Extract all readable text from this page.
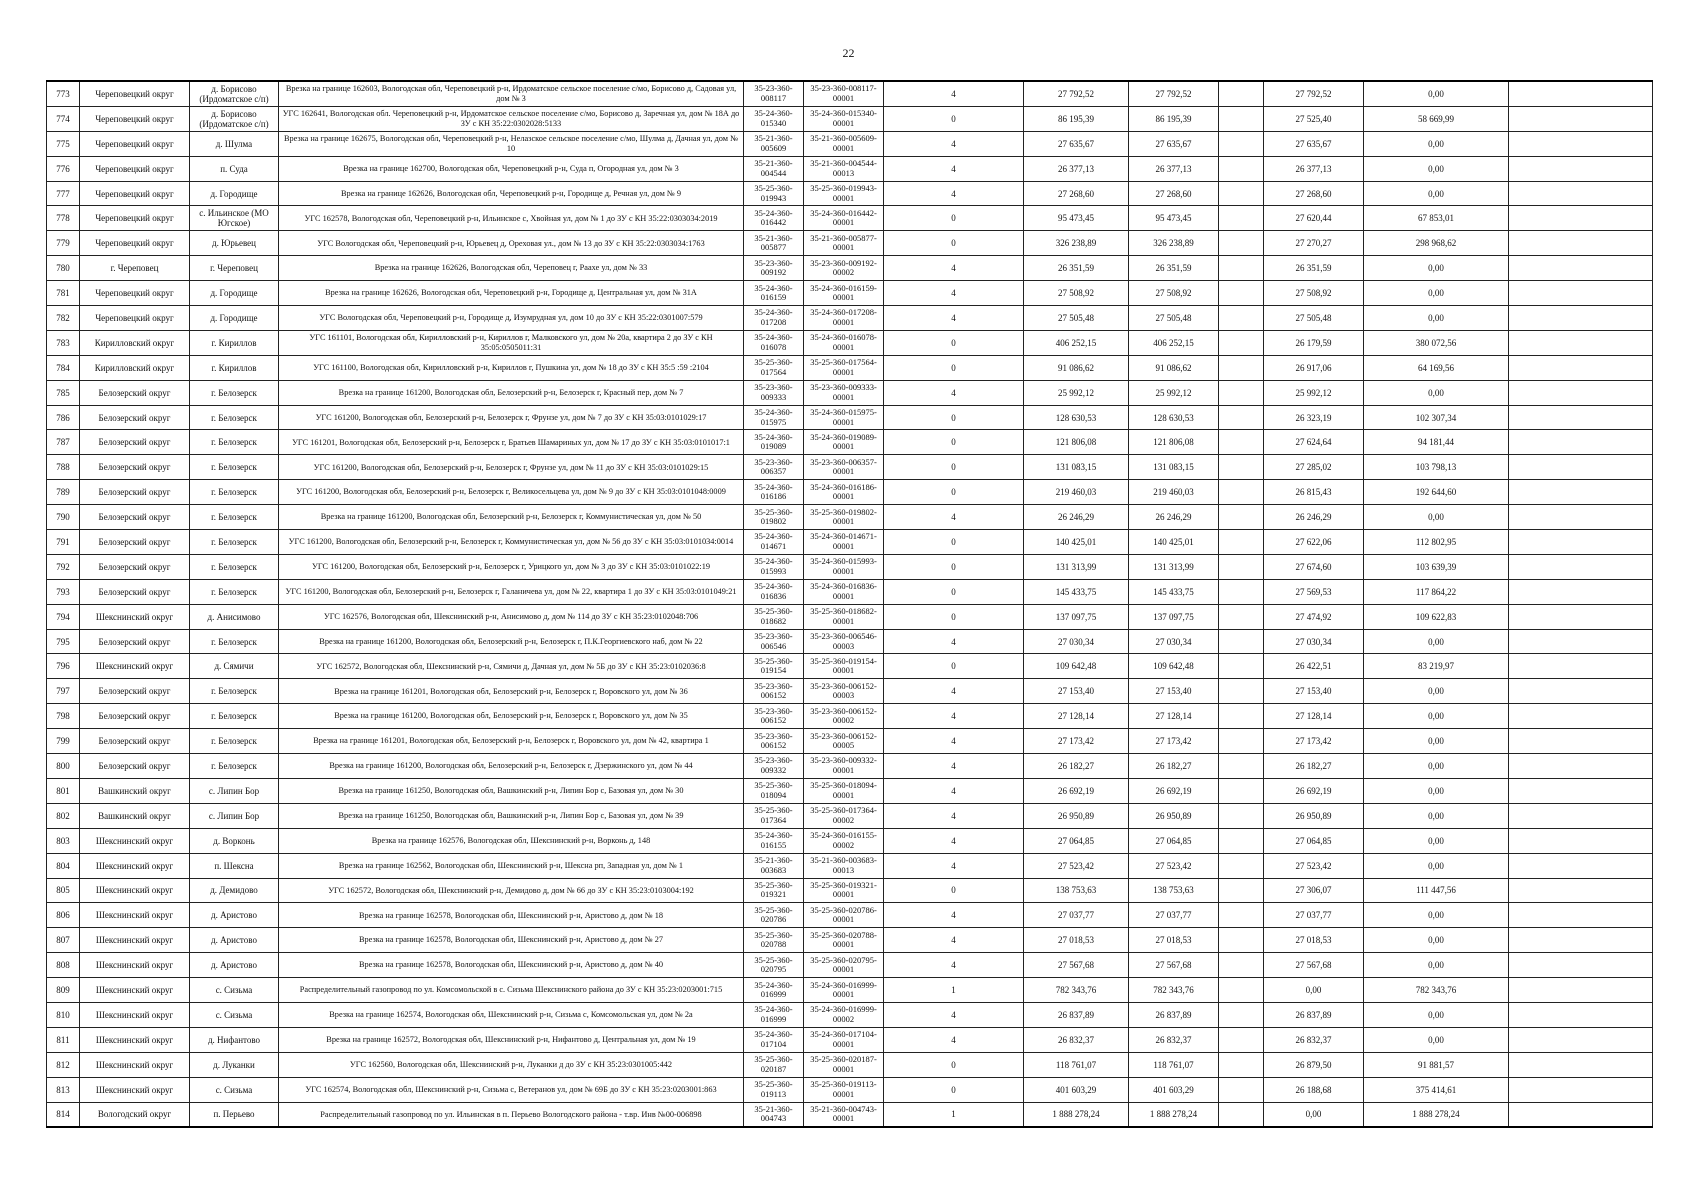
22
773	Череповецкий округ	д. Борисово (Ирдоматское с/п)	Врезка на границе 162603, Вологодская обл, Череповецкий р-н, Ирдоматское сельское поселение с/мо, Борисово д, Садовая ул, дом № 3	35-23-360-008117	35-23-360-008117-00001	4	27 792,52	27 792,52		27 792,52	0,00	
774	Череповецкий округ	д. Борисово (Ирдоматское с/п)	УГС 162641, Вологодская обл. Череповецкий р-н, Ирдоматское сельское поселение с/мо, Борисово д, Заречная ул, дом № 18А до ЗУ с КН 35:22:0302028:5133	35-24-360-015340	35-24-360-015340-00001	0	86 195,39	86 195,39		27 525,40	58 669,99	
775	Череповецкий округ	д. Шулма	Врезка на границе 162675, Вологодская обл, Череповецкий р-н, Нелазское сельское поселение с/мо, Шулма д, Дачная ул, дом № 10	35-21-360-005609	35-21-360-005609-00001	4	27 635,67	27 635,67		27 635,67	0,00	
776	Череповецкий округ	п. Суда	Врезка на границе 162700, Вологодская обл, Череповецкий р-н, Суда п, Огородная ул, дом № 3	35-21-360-004544	35-21-360-004544-00013	4	26 377,13	26 377,13		26 377,13	0,00	
777	Череповецкий округ	д. Городище	Врезка на границе 162626, Вологодская обл, Череповецкий р-н, Городище д, Речная ул, дом № 9	35-25-360-019943	35-25-360-019943-00001	4	27 268,60	27 268,60		27 268,60	0,00	
778	Череповецкий округ	с. Ильинское (МО Югское)	УГС 162578, Вологодская обл, Череповецкий р-н, Ильинское с, Хвойная ул, дом № 1 до ЗУ с КН 35:22:0303034:2019	35-24-360-016442	35-24-360-016442-00001	0	95 473,45	95 473,45		27 620,44	67 853,01	
779	Череповецкий округ	д. Юрьевец	УГС Вологодская обл, Череповецкий р-н, Юрьевец д, Ореховая ул., дом № 13 до ЗУ с КН 35:22:0303034:1763	35-21-360-005877	35-21-360-005877-00001	0	326 238,89	326 238,89		27 270,27	298 968,62	
780	г. Череповец	г. Череповец	Врезка на границе 162626, Вологодская обл, Череповец г, Раахе ул, дом № 33	35-23-360-009192	35-23-360-009192-00002	4	26 351,59	26 351,59		26 351,59	0,00	
781	Череповецкий округ	д. Городище	Врезка на границе 162626, Вологодская обл, Череповецкий р-н, Городище д, Центральная ул, дом № 31А	35-24-360-016159	35-24-360-016159-00001	4	27 508,92	27 508,92		27 508,92	0,00	
782	Череповецкий округ	д. Городище	УГС Вологодская обл, Череповецкий р-н, Городище д, Изумрудная ул, дом 10 до ЗУ с КН 35:22:0301007:579	35-24-360-017208	35-24-360-017208-00001	4	27 505,48	27 505,48		27 505,48	0,00	
783	Кирилловский округ	г. Кириллов	УГС 161101, Вологодская обл, Кирилловский р-н, Кириллов г, Малковского ул, дом № 20а, квартира 2 до ЗУ с КН 35:05:0505011:31	35-24-360-016078	35-24-360-016078-00001	0	406 252,15	406 252,15		26 179,59	380 072,56	
784	Кирилловский округ	г. Кириллов	УГС 161100, Вологодская обл, Кирилловский р-н, Кириллов г, Пушкина ул, дом № 18 до ЗУ с КН 35:5 :59 :2104	35-25-360-017564	35-25-360-017564-00001	0	91 086,62	91 086,62		26 917,06	64 169,56	
785	Белозерский округ	г. Белозерск	Врезка на границе 161200, Вологодская обл, Белозерский р-н, Белозерск г, Красный пер, дом № 7	35-23-360-009333	35-23-360-009333-00001	4	25 992,12	25 992,12		25 992,12	0,00	
786	Белозерский округ	г. Белозерск	УГС 161200, Вологодская обл, Белозерский р-н, Белозерск г, Фрунзе ул, дом № 7 до ЗУ с КН 35:03:0101029:17	35-24-360-015975	35-24-360-015975-00001	0	128 630,53	128 630,53		26 323,19	102 307,34	
787	Белозерский округ	г. Белозерск	УГС 161201, Вологодская обл, Белозерский р-н, Белозерск г, Братьев Шамариных ул, дом № 17 до ЗУ с КН 35:03:0101017:1	35-24-360-019089	35-24-360-019089-00001	0	121 806,08	121 806,08		27 624,64	94 181,44	
788	Белозерский округ	г. Белозерск	УГС 161200, Вологодская обл, Белозерский р-н, Белозерск г, Фрунзе ул, дом № 11 до ЗУ с КН 35:03:0101029:15	35-23-360-006357	35-23-360-006357-00001	0	131 083,15	131 083,15		27 285,02	103 798,13	
789	Белозерский округ	г. Белозерск	УГС 161200, Вологодская обл, Белозерский р-н, Белозерск г, Великосельцева ул, дом № 9 до ЗУ с КН 35:03:0101048:0009	35-24-360-016186	35-24-360-016186-00001	0	219 460,03	219 460,03		26 815,43	192 644,60	
790	Белозерский округ	г. Белозерск	Врезка на границе 161200, Вологодская обл, Белозерский р-н, Белозерск г, Коммунистическая ул, дом № 50	35-25-360-019802	35-25-360-019802-00001	4	26 246,29	26 246,29		26 246,29	0,00	
791	Белозерский округ	г. Белозерск	УГС 161200, Вологодская обл, Белозерский р-н, Белозерск г, Коммунистическая ул, дом № 56 до ЗУ с КН 35:03:0101034:0014	35-24-360-014671	35-24-360-014671-00001	0	140 425,01	140 425,01		27 622,06	112 802,95	
792	Белозерский округ	г. Белозерск	УГС 161200, Вологодская обл, Белозерский р-н, Белозерск г, Урицкого ул, дом № 3 до ЗУ с КН 35:03:0101022:19	35-24-360-015993	35-24-360-015993-00001	0	131 313,99	131 313,99		27 674,60	103 639,39	
793	Белозерский округ	г. Белозерск	УГС 161200, Вологодская обл, Белозерский р-н, Белозерск г, Галаничева ул, дом № 22, квартира 1 до ЗУ с КН 35:03:0101049:21	35-24-360-016836	35-24-360-016836-00001	0	145 433,75	145 433,75		27 569,53	117 864,22	
794	Шекснинский округ	д. Анисимово	УГС 162576, Вологодская обл, Шекснинский р-н, Анисимово д, дом № 114 до ЗУ с КН 35:23:0102048:706	35-25-360-018682	35-25-360-018682-00001	0	137 097,75	137 097,75		27 474,92	109 622,83	
795	Белозерский округ	г. Белозерск	Врезка на границе 161200, Вологодская обл, Белозерский р-н, Белозерск г, П.К.Георгиевского наб, дом № 22	35-23-360-006546	35-23-360-006546-00003	4	27 030,34	27 030,34		27 030,34	0,00	
796	Шекснинский округ	д. Сямичи	УГС 162572, Вологодская обл, Шекснинский р-н, Сямичи д, Дачная ул, дом № 5Б до ЗУ с КН 35:23:0102036:8	35-25-360-019154	35-25-360-019154-00001	0	109 642,48	109 642,48		26 422,51	83 219,97	
797	Белозерский округ	г. Белозерск	Врезка на границе 161201, Вологодская обл, Белозерский р-н, Белозерск г, Воровского ул, дом № 36	35-23-360-006152	35-23-360-006152-00003	4	27 153,40	27 153,40		27 153,40	0,00	
798	Белозерский округ	г. Белозерск	Врезка на границе 161200, Вологодская обл, Белозерский р-н, Белозерск г, Воровского ул, дом № 35	35-23-360-006152	35-23-360-006152-00002	4	27 128,14	27 128,14		27 128,14	0,00	
799	Белозерский округ	г. Белозерск	Врезка на границе 161201, Вологодская обл, Белозерский р-н, Белозерск г, Воровского ул, дом № 42, квартира 1	35-23-360-006152	35-23-360-006152-00005	4	27 173,42	27 173,42		27 173,42	0,00	
800	Белозерский округ	г. Белозерск	Врезка на границе 161200, Вологодская обл, Белозерский р-н, Белозерск г, Дзержинского ул, дом № 44	35-23-360-009332	35-23-360-009332-00001	4	26 182,27	26 182,27		26 182,27	0,00	
801	Вашкинский округ	с. Липин Бор	Врезка на границе 161250, Вологодская обл, Вашкинский р-н, Липин Бор с, Базовая ул, дом № 30	35-25-360-018094	35-25-360-018094-00001	4	26 692,19	26 692,19		26 692,19	0,00	
802	Вашкинский округ	с. Липин Бор	Врезка на границе 161250, Вологодская обл, Вашкинский р-н, Липин Бор с, Базовая ул, дом № 39	35-25-360-017364	35-25-360-017364-00002	4	26 950,89	26 950,89		26 950,89	0,00	
803	Шекснинский округ	д. Ворконь	Врезка на границе 162576, Вологодская обл, Шекснинский р-н, Ворконь д, 148	35-24-360-016155	35-24-360-016155-00002	4	27 064,85	27 064,85		27 064,85	0,00	
804	Шекснинский округ	п. Шексна	Врезка на границе 162562, Вологодская обл, Шекснинский р-н, Шексна рп, Западная ул, дом № 1	35-21-360-003683	35-21-360-003683-00013	4	27 523,42	27 523,42		27 523,42	0,00	
805	Шекснинский округ	д. Демидово	УГС 162572, Вологодская обл, Шекснинский р-н, Демидово д, дом № 66 до ЗУ с КН 35:23:0103004:192	35-25-360-019321	35-25-360-019321-00001	0	138 753,63	138 753,63		27 306,07	111 447,56	
806	Шекснинский округ	д. Аристово	Врезка на границе 162578, Вологодская обл, Шекснинский р-н, Аристово д, дом № 18	35-25-360-020786	35-25-360-020786-00001	4	27 037,77	27 037,77		27 037,77	0,00	
807	Шекснинский округ	д. Аристово	Врезка на границе 162578, Вологодская обл, Шекснинский р-н, Аристово д, дом № 27	35-25-360-020788	35-25-360-020788-00001	4	27 018,53	27 018,53		27 018,53	0,00	
808	Шекснинский округ	д. Аристово	Врезка на границе 162578, Вологодская обл, Шекснинский р-н, Аристово д, дом № 40	35-25-360-020795	35-25-360-020795-00001	4	27 567,68	27 567,68		27 567,68	0,00	
809	Шекснинский округ	с. Сизьма	Распределительный газопровод по ул. Комсомольской в с. Сизьма Шекснинского района до ЗУ с КН 35:23:0203001:715	35-24-360-016999	35-24-360-016999-00001	1	782 343,76	782 343,76		0,00	782 343,76	
810	Шекснинский округ	с. Сизьма	Врезка на границе 162574, Вологодская обл, Шекснинский р-н, Сизьма с, Комсомольская ул, дом № 2а	35-24-360-016999	35-24-360-016999-00002	4	26 837,89	26 837,89		26 837,89	0,00	
811	Шекснинский округ	д. Нифантово	Врезка на границе 162572, Вологодская обл, Шекснинский р-н, Нифантово д, Центральная ул, дом № 19	35-24-360-017104	35-24-360-017104-00001	4	26 832,37	26 832,37		26 832,37	0,00	
812	Шекснинский округ	д. Луканки	УГС 162560, Вологодская обл, Шекснинский р-н, Луканки д до ЗУ с КН 35:23:0301005:442	35-25-360-020187	35-25-360-020187-00001	0	118 761,07	118 761,07		26 879,50	91 881,57	
813	Шекснинский округ	с. Сизьма	УГС 162574, Вологодская обл, Шекснинский р-н, Сизьма с, Ветеранов ул, дом № 69Б до ЗУ с КН 35:23:0203001:863	35-25-360-019113	35-25-360-019113-00001	0	401 603,29	401 603,29		26 188,68	375 414,61	
814	Вологодский округ	п. Перьево	Распределительный газопровод по ул. Ильинская в п. Перьево Вологодского района - т.вр. Инв №00-006898	35-21-360-004743	35-21-360-004743-00001	1	1 888 278,24	1 888 278,24		0,00	1 888 278,24	
